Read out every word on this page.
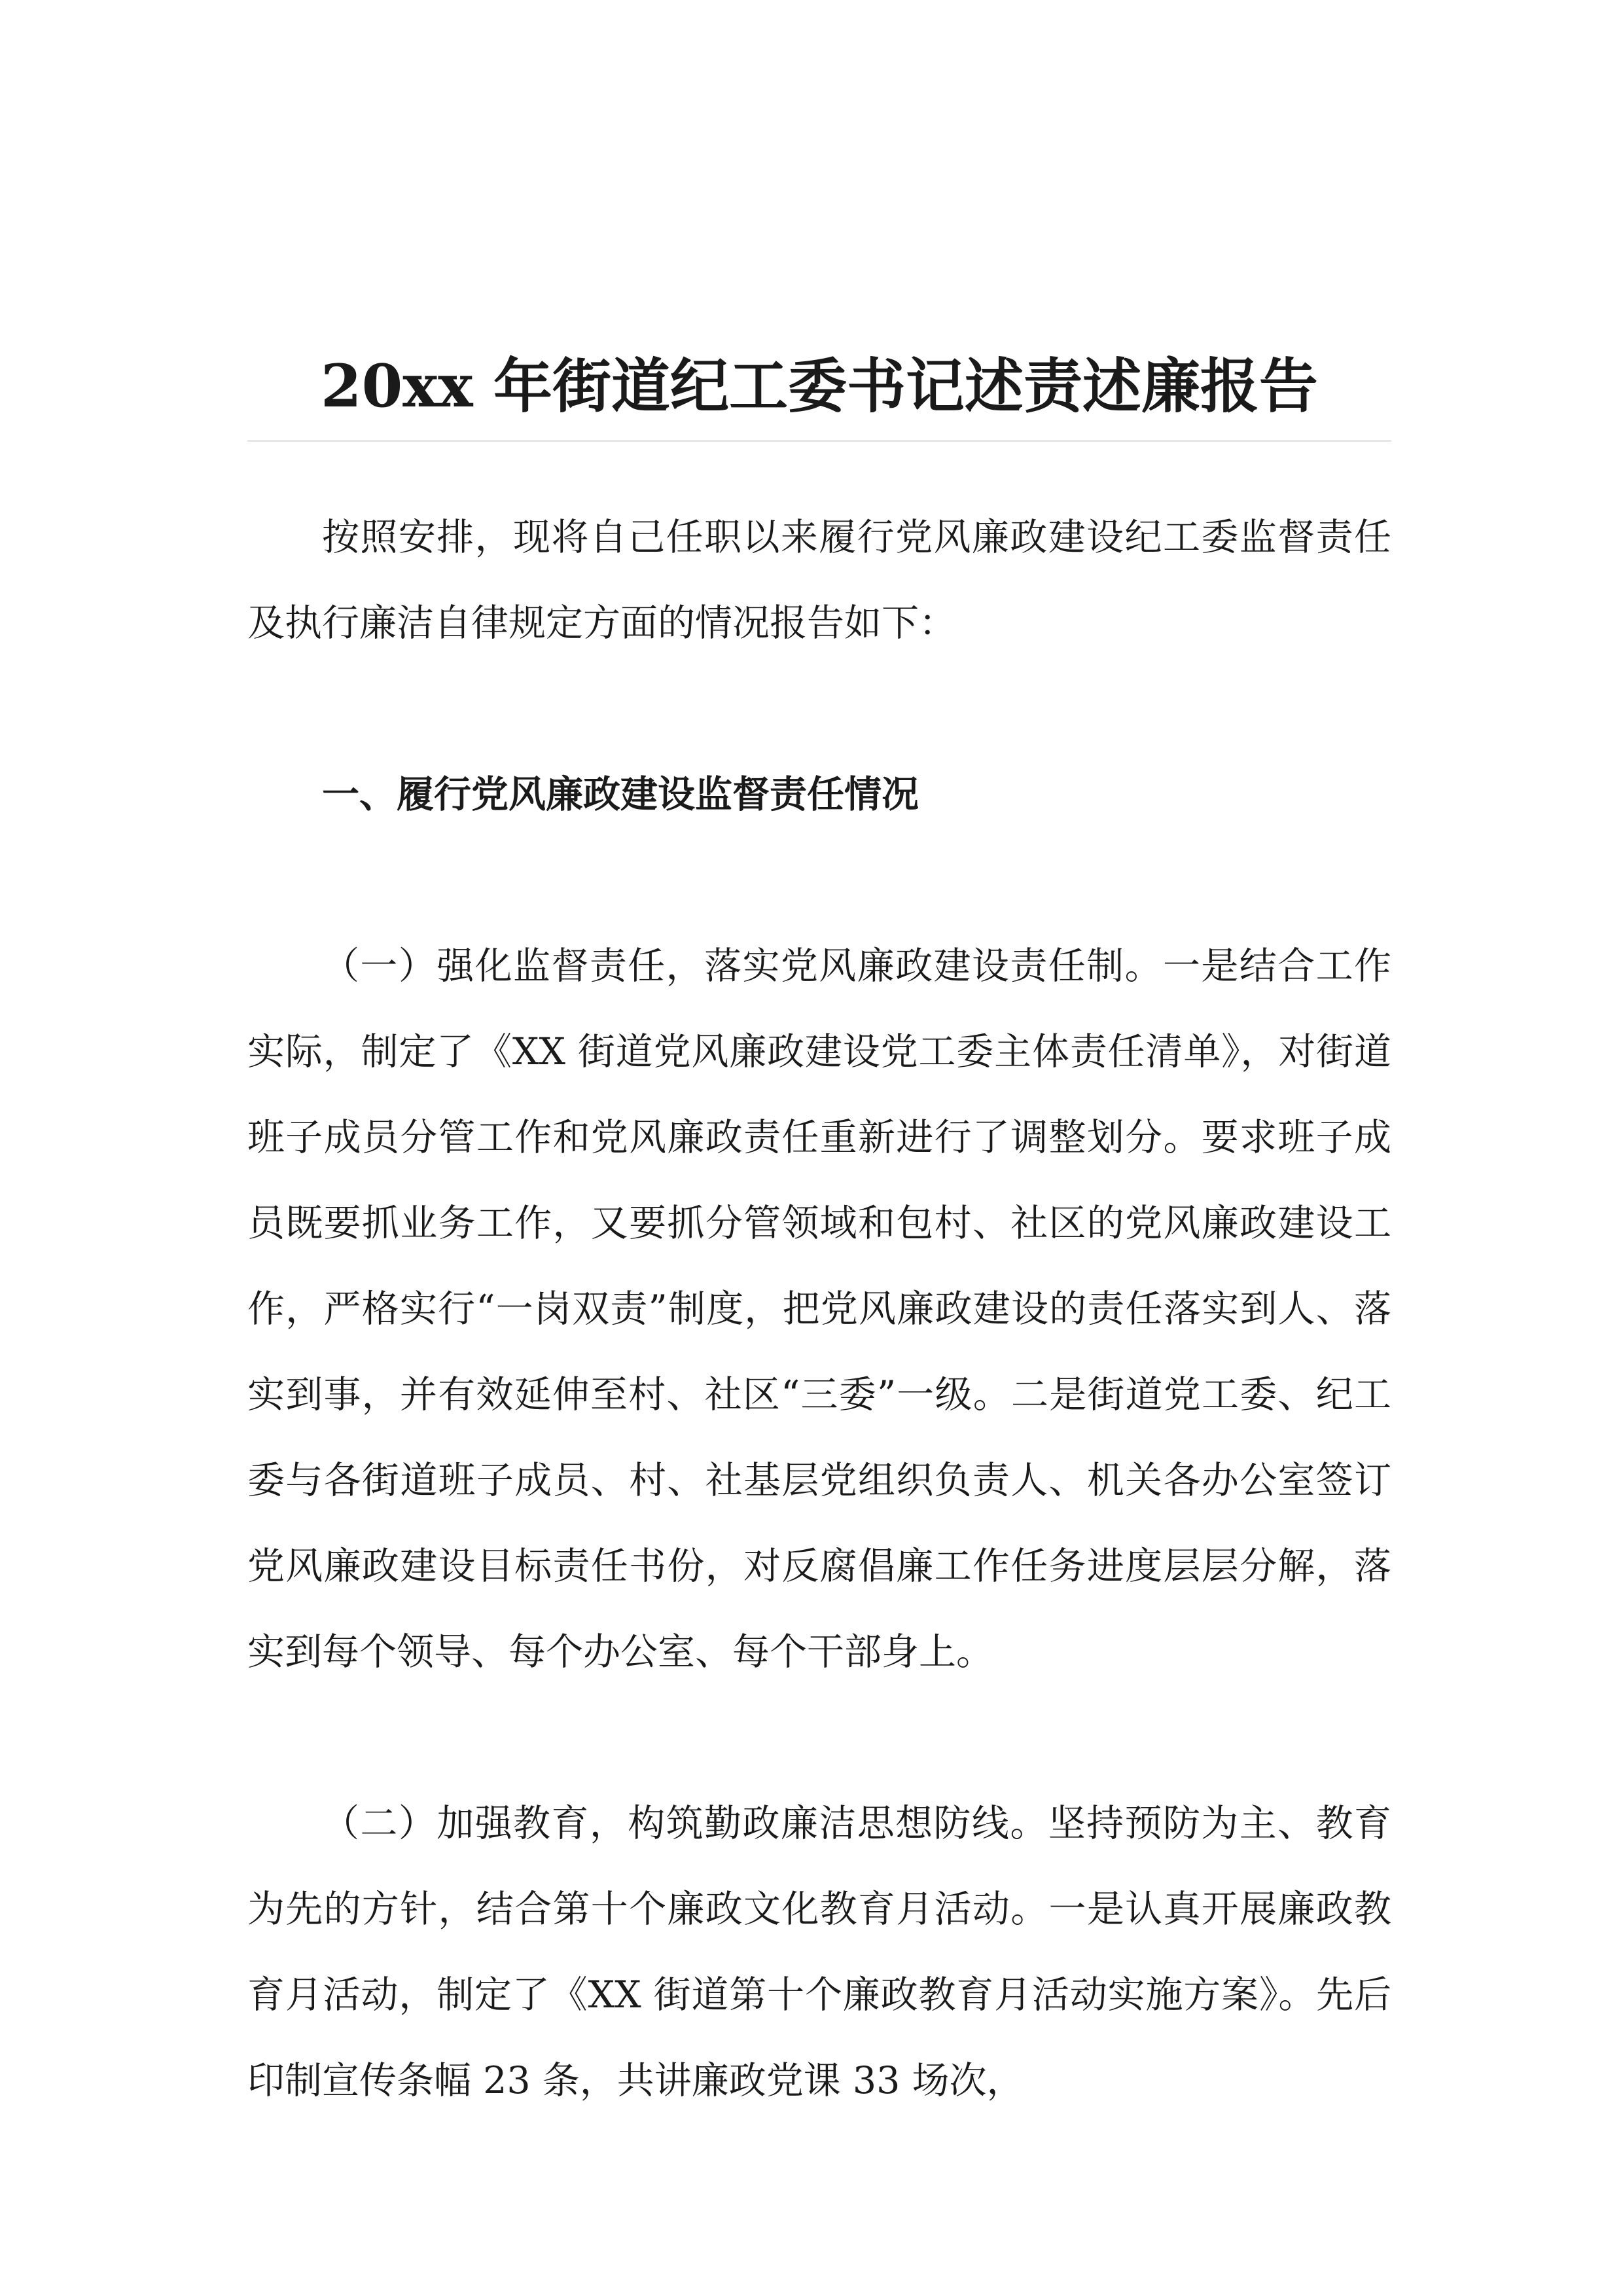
20xx 年街道纪工委书记述责述廉报告

按照安排，现将自己任职以来履行党风廉政建设纪工委监督责任及执行廉洁自律规定方面的情况报告如下：

一、履行党风廉政建设监督责任情况

（一）强化监督责任，落实党风廉政建设责任制。一是结合工作实际，制定了《XX 街道党风廉政建设党工委主体责任清单》，对街道班子成员分管工作和党风廉政责任重新进行了调整划分。要求班子成员既要抓业务工作，又要抓分管领域和包村、社区的党风廉政建设工作，严格实行“一岗双责”制度，把党风廉政建设的责任落实到人、落实到事，并有效延伸至村、社区“三委”一级。二是街道党工委、纪工委与各街道班子成员、村、社基层党组织负责人、机关各办公室签订党风廉政建设目标责任书份，对反腐倡廉工作任务进度层层分解，落实到每个领导、每个办公室、每个干部身上。

（二）加强教育，构筑勤政廉洁思想防线。坚持预防为主、教育为先的方针，结合第十个廉政文化教育月活动。一是认真开展廉政教育月活动，制定了《XX 街道第十个廉政教育月活动实施方案》。先后印制宣传条幅 23 条，共讲廉政党课 33 场次，
